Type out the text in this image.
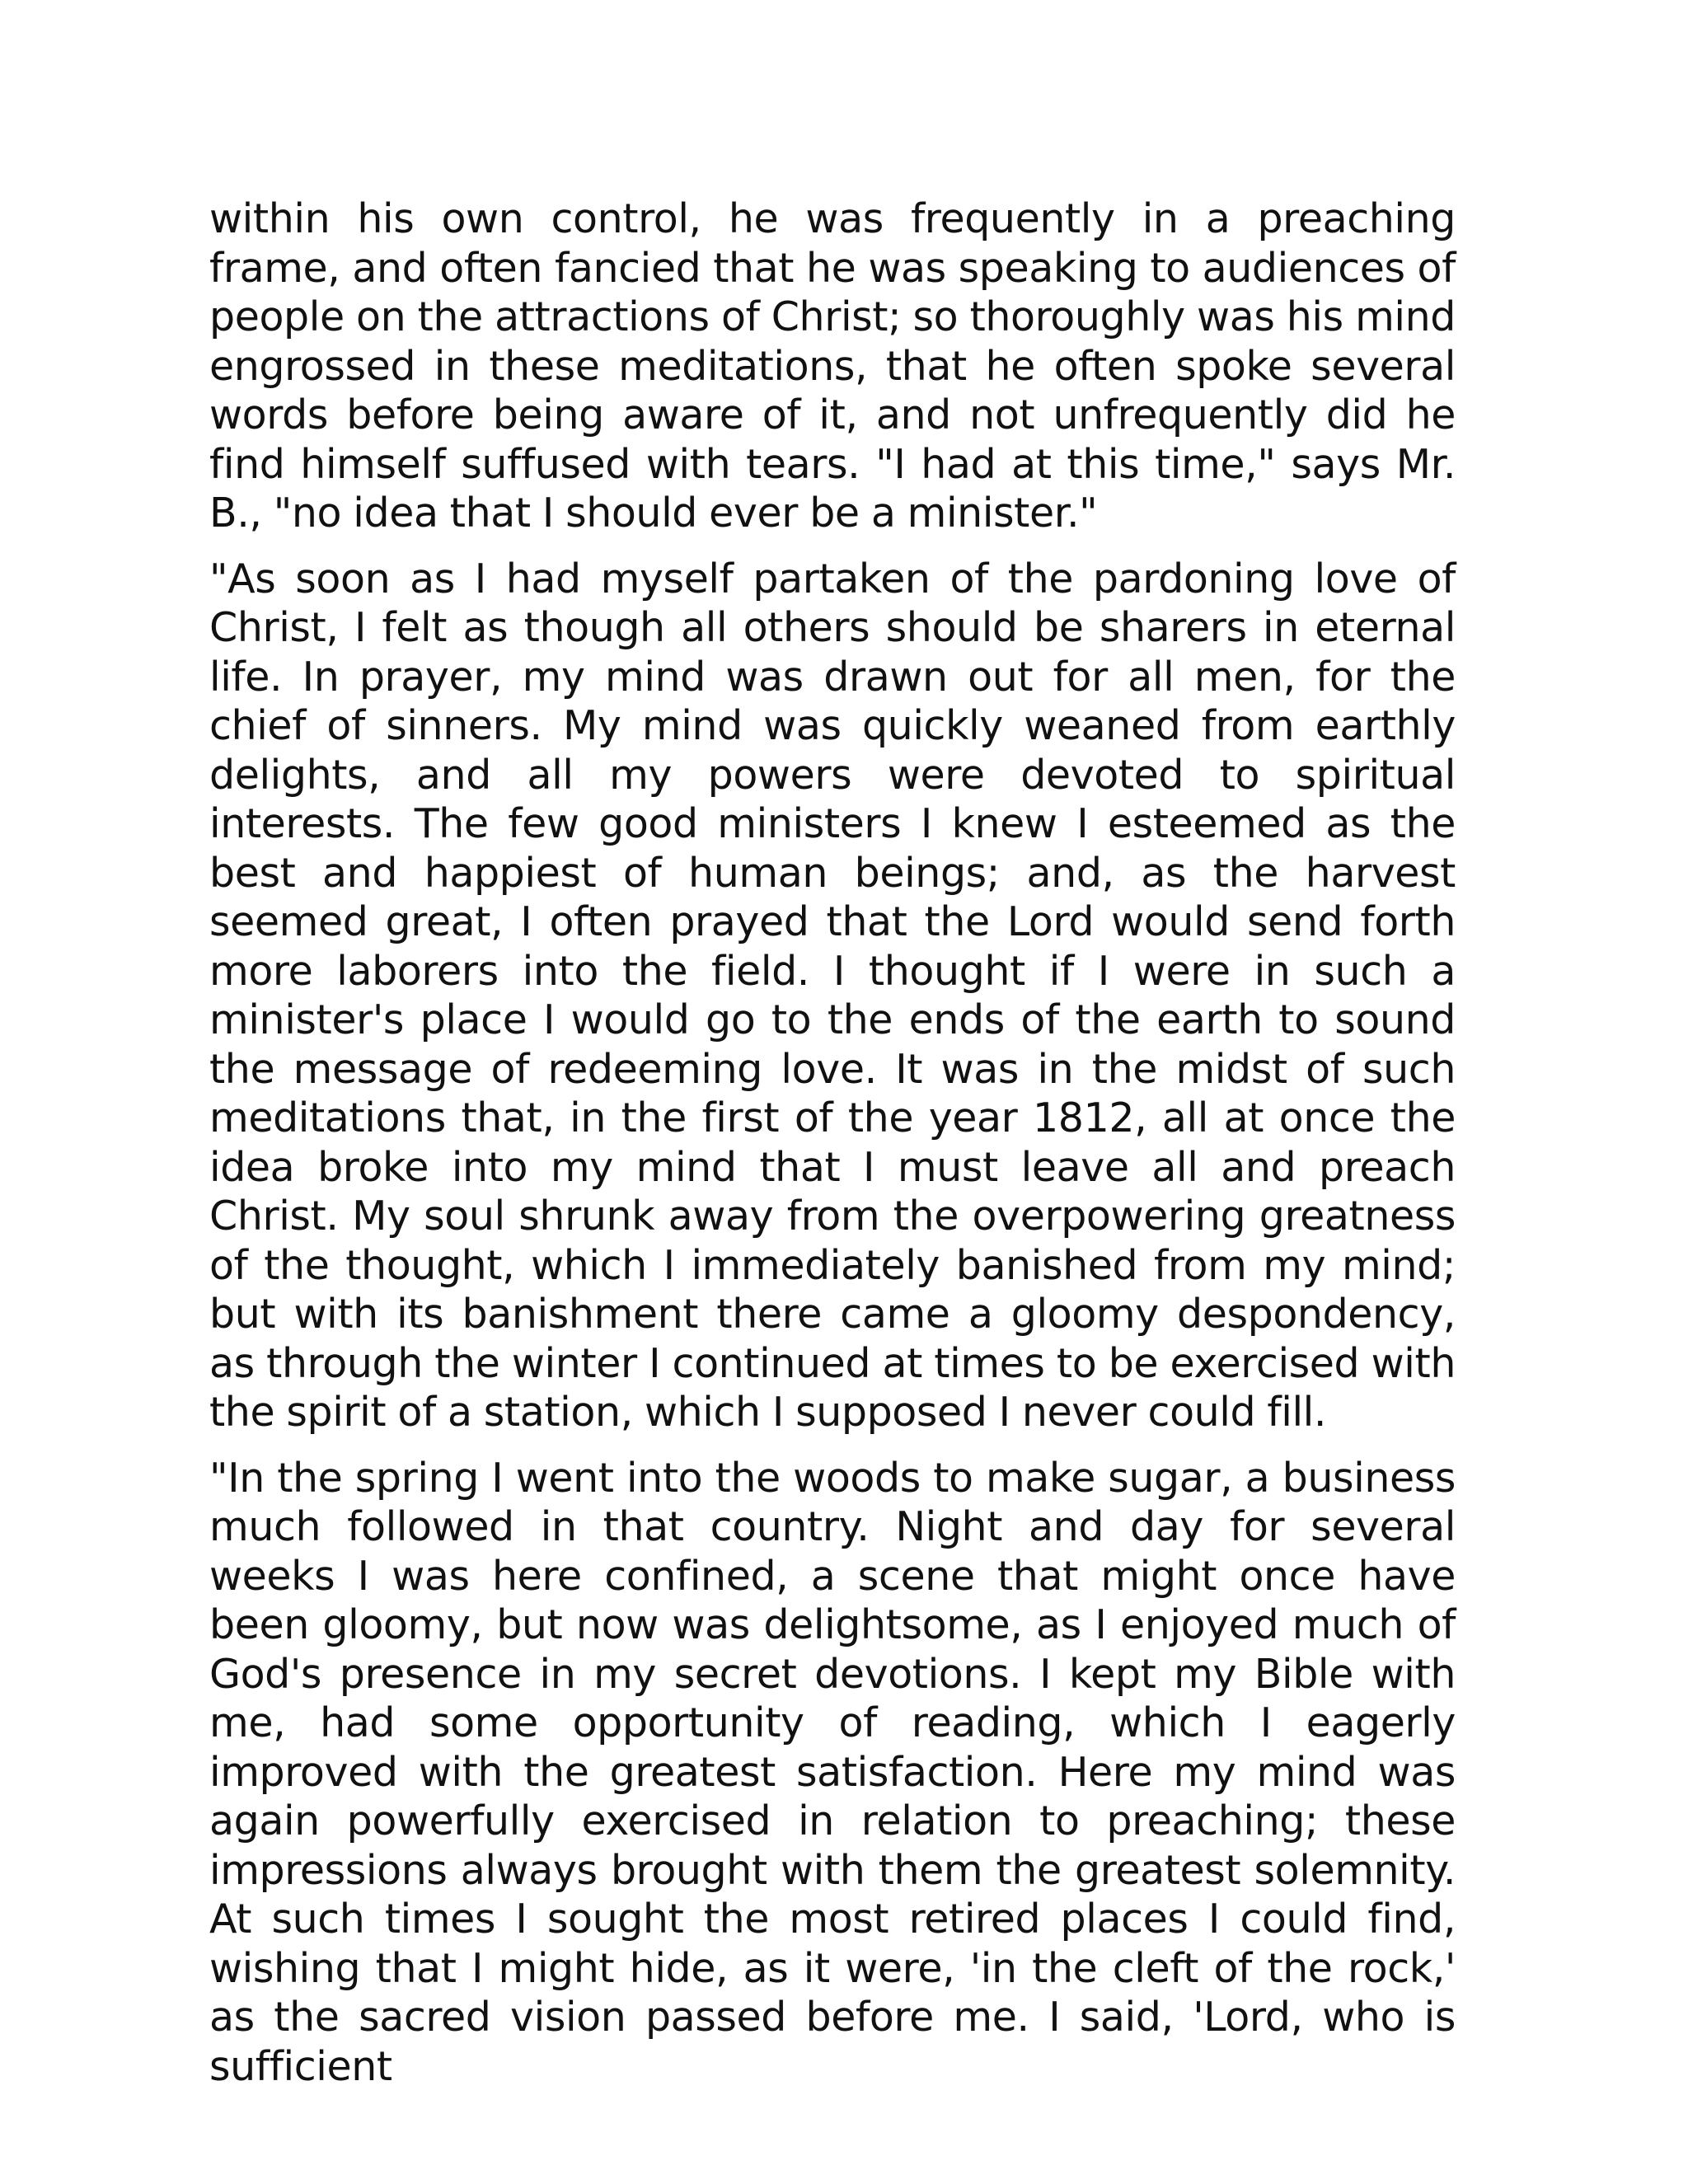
within his own control, he was frequently in a preaching frame, and often fancied that he was speaking to audiences of people on the attractions of Christ; so thoroughly was his mind engrossed in these meditations, that he often spoke several words before being aware of it, and not unfrequently did he find himself suffused with tears. "I had at this time," says Mr. B., "no idea that I should ever be a minister."

"As soon as I had myself partaken of the pardoning love of Christ, I felt as though all others should be sharers in eternal life. In prayer, my mind was drawn out for all men, for the chief of sinners. My mind was quickly weaned from earthly delights, and all my powers were devoted to spiritual interests. The few good ministers I knew I esteemed as the best and happiest of human beings; and, as the harvest seemed great, I often prayed that the Lord would send forth more laborers into the field. I thought if I were in such a minister's place I would go to the ends of the earth to sound the message of redeeming love. It was in the midst of such meditations that, in the first of the year 1812, all at once the idea broke into my mind that I must leave all and preach Christ. My soul shrunk away from the overpowering greatness of the thought, which I immediately banished from my mind; but with its banishment there came a gloomy despondency, as through the winter I continued at times to be exercised with the spirit of a station, which I supposed I never could fill.

"In the spring I went into the woods to make sugar, a business much followed in that country. Night and day for several weeks I was here confined, a scene that might once have been gloomy, but now was delightsome, as I enjoyed much of God's presence in my secret devotions. I kept my Bible with me, had some opportunity of reading, which I eagerly improved with the greatest satisfaction. Here my mind was again powerfully exercised in relation to preaching; these impressions always brought with them the greatest solemnity. At such times I sought the most retired places I could find, wishing that I might hide, as it were, 'in the cleft of the rock,' as the sacred vision passed before me. I said, 'Lord, who is sufficient
